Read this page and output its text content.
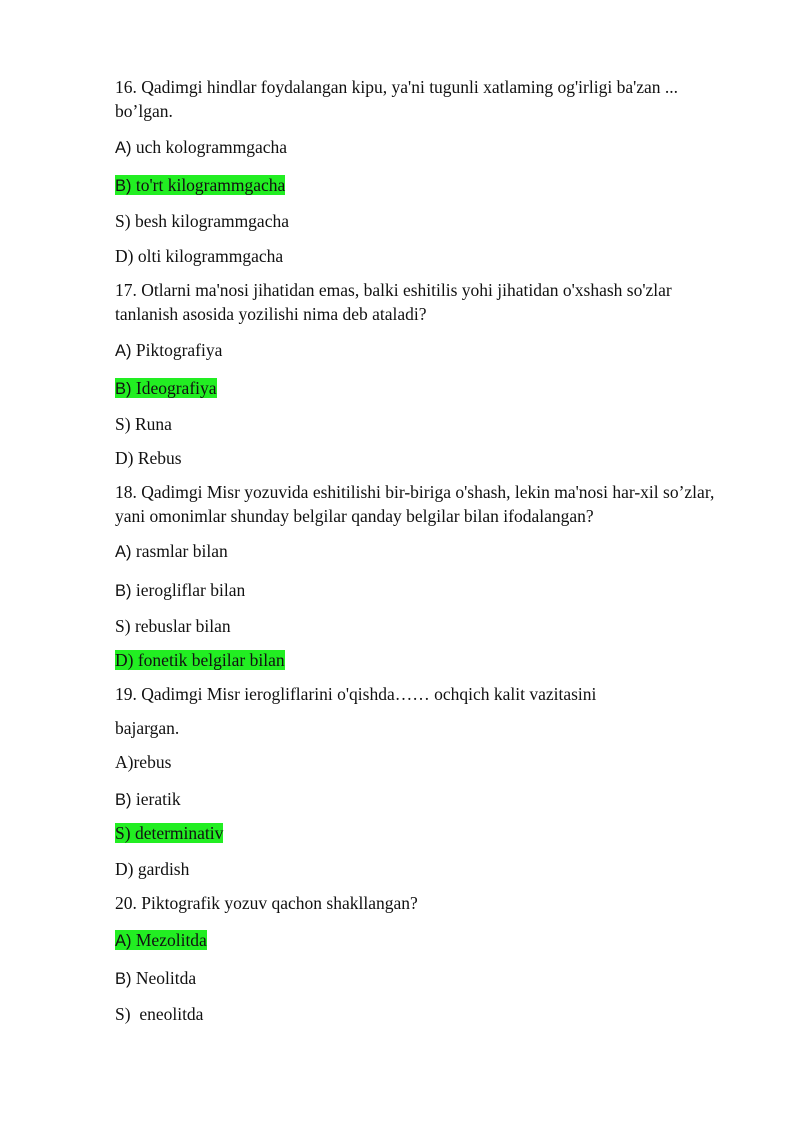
16. Qadimgi hindlar foydalangan kipu, ya'ni tugunli xatlaming og'irligi ba'zan ... bo’lgan.
A) uch kologrammgacha
B) to'rt kilogrammgacha
S) besh kilogrammgacha
D) olti kilogrammgacha
17. Otlarni ma'nosi jihatidan emas, balki eshitilis yohi jihatidan o'xshash so'zlar tanlanish asosida yozilishi nima deb ataladi?
A) Piktografiya
B) Ideografiya
S) Runa
D) Rebus
18. Qadimgi Misr yozuvida eshitilishi bir-biriga o'shash, lekin ma'nosi har-xil so’zlar, yani omonimlar shunday belgilar qanday belgilar bilan ifodalangan?
A) rasmlar bilan
B) ierogliflar bilan
S) rebuslar bilan
D) fonetik belgilar bilan
19. Qadimgi Misr ierogliflarini o'qishda…… ochqich kalit vazitasini
bajargan.
A)rebus
B) ieratik
S) determinativ
D) gardish
20. Piktografik yozuv qachon shakllangan?
A) Mezolitda
B) Neolitda
S)  eneolitda
